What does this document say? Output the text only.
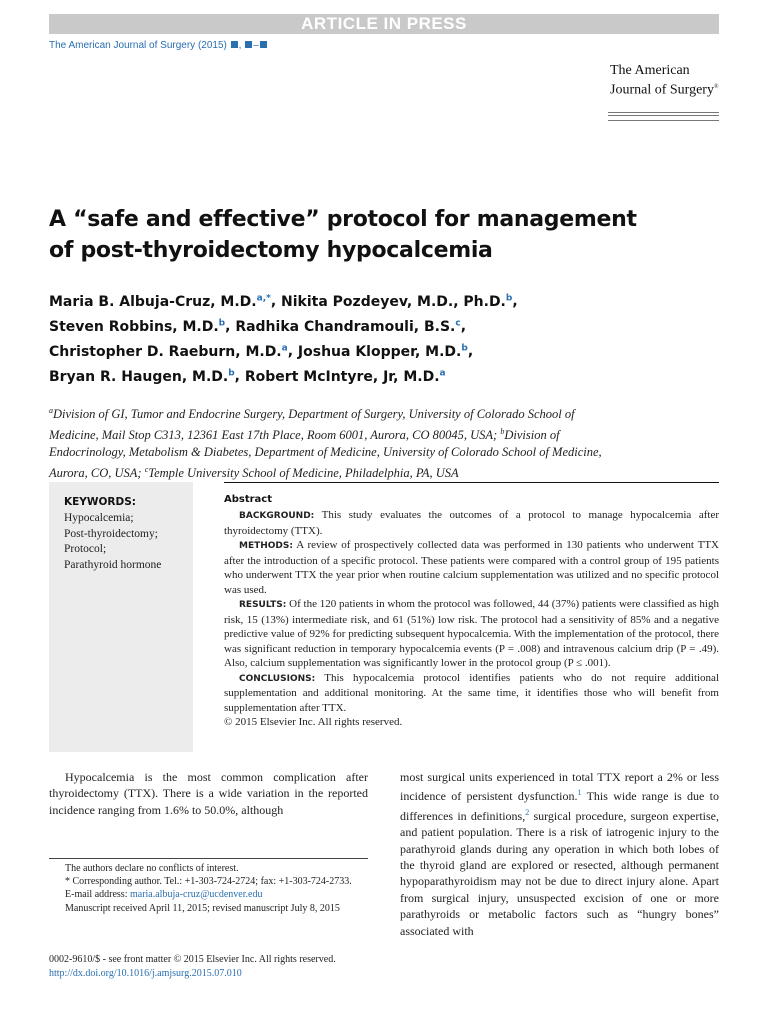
ARTICLE IN PRESS
The American Journal of Surgery (2015) , –
The American
Journal of Surgery®
A “safe and effective” protocol for management
of post-thyroidectomy hypocalcemia
Maria B. Albuja-Cruz, M.D.$^{a,*}$, Nikita Pozdeyev, M.D., Ph.D.$^b$,
Steven Robbins, M.D.$^b$, Radhika Chandramouli, B.S.$^c$,
Christopher D. Raeburn, M.D.$^a$, Joshua Klopper, M.D.$^b$,
Bryan R. Haugen, M.D.$^b$, Robert McIntyre, Jr, M.D.$^a$
$^a$Division of GI, Tumor and Endocrine Surgery, Department of Surgery, University of Colorado School of Medicine, Mail Stop C313, 12361 East 17th Place, Room 6001, Aurora, CO 80045, USA; $^b$Division of Endocrinology, Metabolism & Diabetes, Department of Medicine, University of Colorado School of Medicine, Aurora, CO, USA; $^c$Temple University School of Medicine, Philadelphia, PA, USA
KEYWORDS:
Hypocalcemia;
Post-thyroidectomy;
Protocol;
Parathyroid hormone
Abstract

BACKGROUND: This study evaluates the outcomes of a protocol to manage hypocalcemia after thyroidectomy (TTX).

METHODS: A review of prospectively collected data was performed in 130 patients who underwent TTX after the introduction of a specific protocol. These patients were compared with a control group of 195 patients who underwent TTX the year prior when routine calcium supplementation was utilized and no specific protocol was used.

RESULTS: Of the 120 patients in whom the protocol was followed, 44 (37%) patients were classified as high risk, 15 (13%) intermediate risk, and 61 (51%) low risk. The protocol had a sensitivity of 85% and a negative predictive value of 92% for predicting subsequent hypocalcemia. With the implementation of the protocol, there was significant reduction in temporary hypocalcemia events (P = .008) and intravenous calcium drip (P = .49). Also, calcium supplementation was significantly lower in the protocol group (P ≤ .001).

CONCLUSIONS: This hypocalcemia protocol identifies patients who do not require additional supplementation and additional monitoring. At the same time, it identifies those who will benefit from supplementation after TTX.

© 2015 Elsevier Inc. All rights reserved.

Hypocalcemia is the most common complication after thyroidectomy (TTX). There is a wide variation in the reported incidence ranging from 1.6% to 50.0%, although

most surgical units experienced in total TTX report a 2% or less incidence of persistent dysfunction.$^1$ This wide range is due to differences in definitions,$^2$ surgical procedure, surgeon expertise, and patient population. There is a risk of iatrogenic injury to the parathyroid glands during any operation in which both lobes of the thyroid gland are explored or resected, although permanent hypoparathyroidism may not be due to direct injury alone. Apart from surgical injury, unsuspected excision of one or more parathyroids or metabolic factors such as “hungry bones” associated with

The authors declare no conflicts of interest.

* Corresponding author. Tel.: +1-303-724-2724; fax: +1-303-724-2733.

E-mail address: maria.albuja-cruz@ucdenver.edu

Manuscript received April 11, 2015; revised manuscript July 8, 2015

0002-9610/$ - see front matter © 2015 Elsevier Inc. All rights reserved.
http://dx.doi.org/10.1016/j.amjsurg.2015.07.010
